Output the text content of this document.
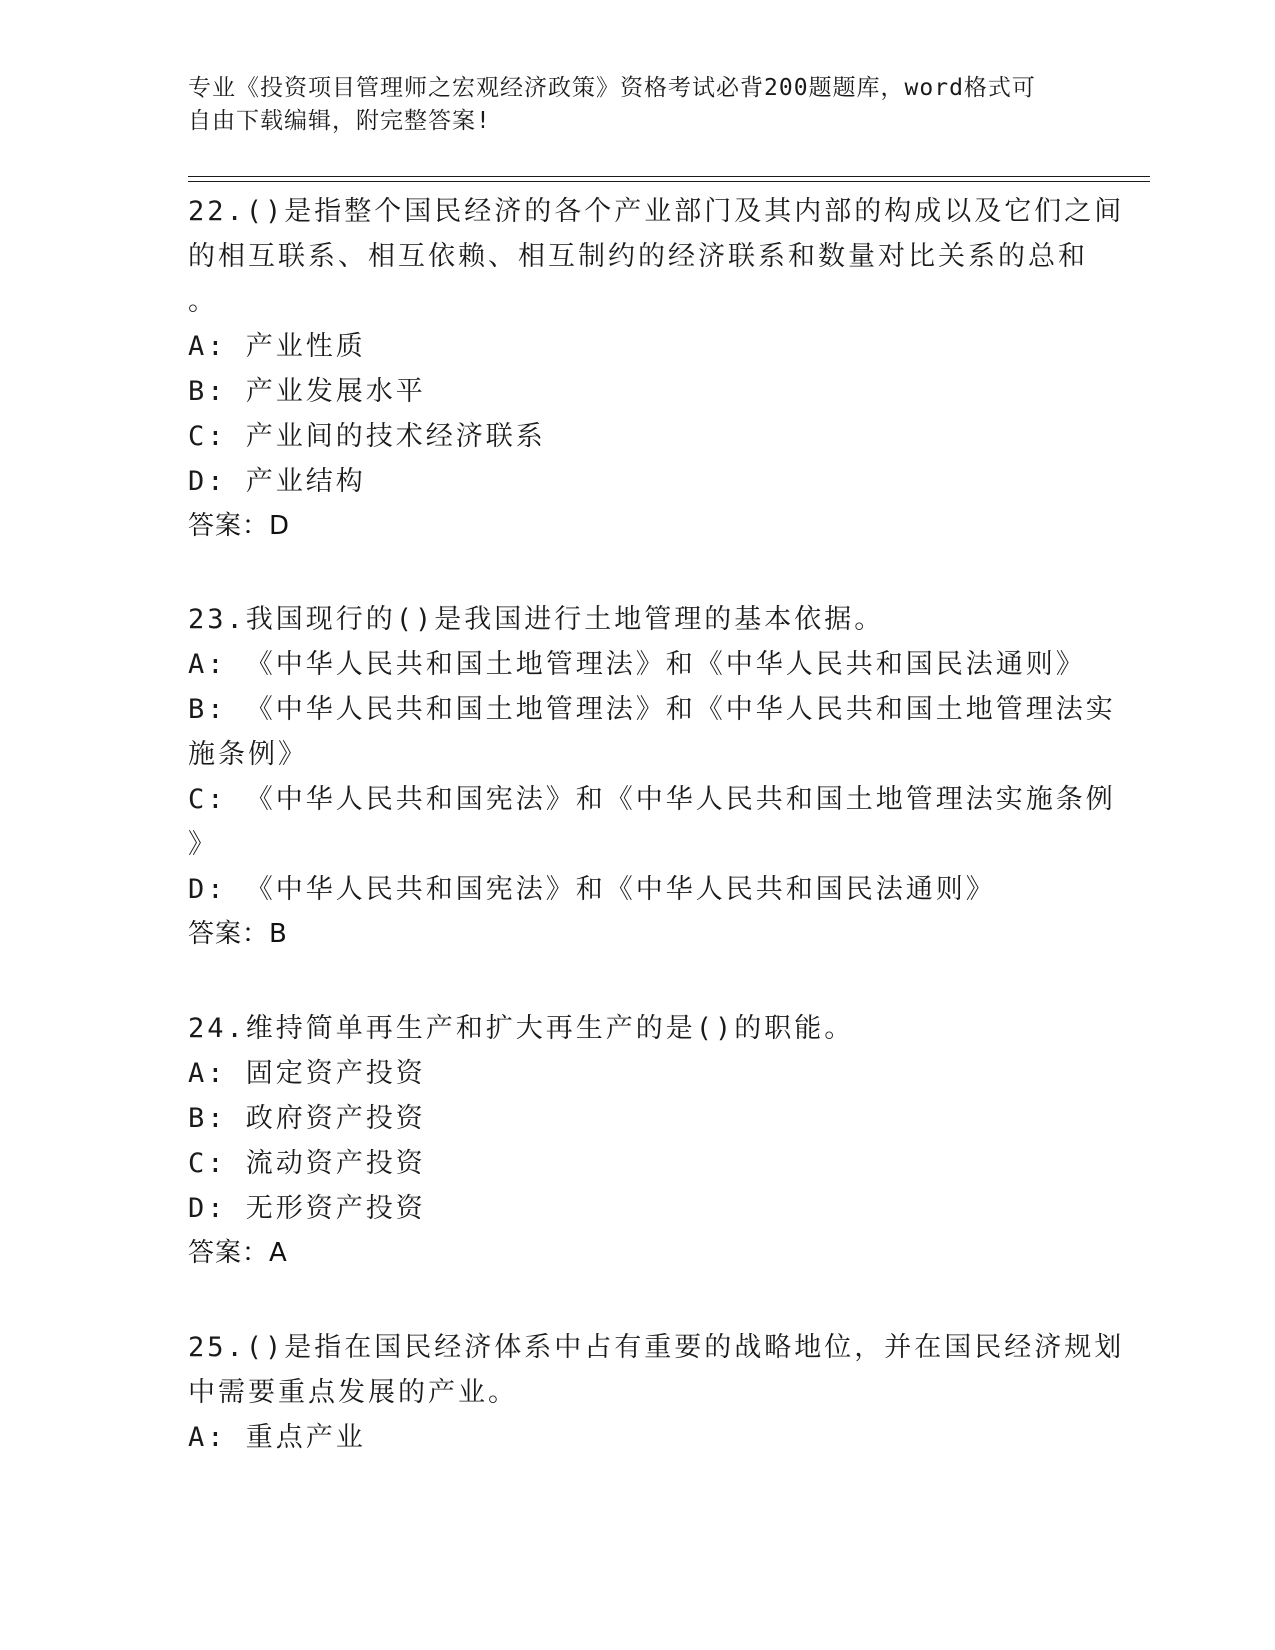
专业《投资项目管理师之宏观经济政策》资格考试必背200题题库，word格式可
自由下载编辑，附完整答案!
22.()是指整个国民经济的各个产业部门及其内部的构成以及它们之间
的相互联系、相互依赖、相互制约的经济联系和数量对比关系的总和
。
A: 产业性质
B: 产业发展水平
C: 产业间的技术经济联系
D: 产业结构
答案：D
23.我国现行的()是我国进行土地管理的基本依据。
A: 《中华人民共和国土地管理法》和《中华人民共和国民法通则》
B: 《中华人民共和国土地管理法》和《中华人民共和国土地管理法实
施条例》
C: 《中华人民共和国宪法》和《中华人民共和国土地管理法实施条例
》
D: 《中华人民共和国宪法》和《中华人民共和国民法通则》
答案：B
24.维持简单再生产和扩大再生产的是()的职能。
A: 固定资产投资
B: 政府资产投资
C: 流动资产投资
D: 无形资产投资
答案：A
25.()是指在国民经济体系中占有重要的战略地位，并在国民经济规划
中需要重点发展的产业。
A: 重点产业
